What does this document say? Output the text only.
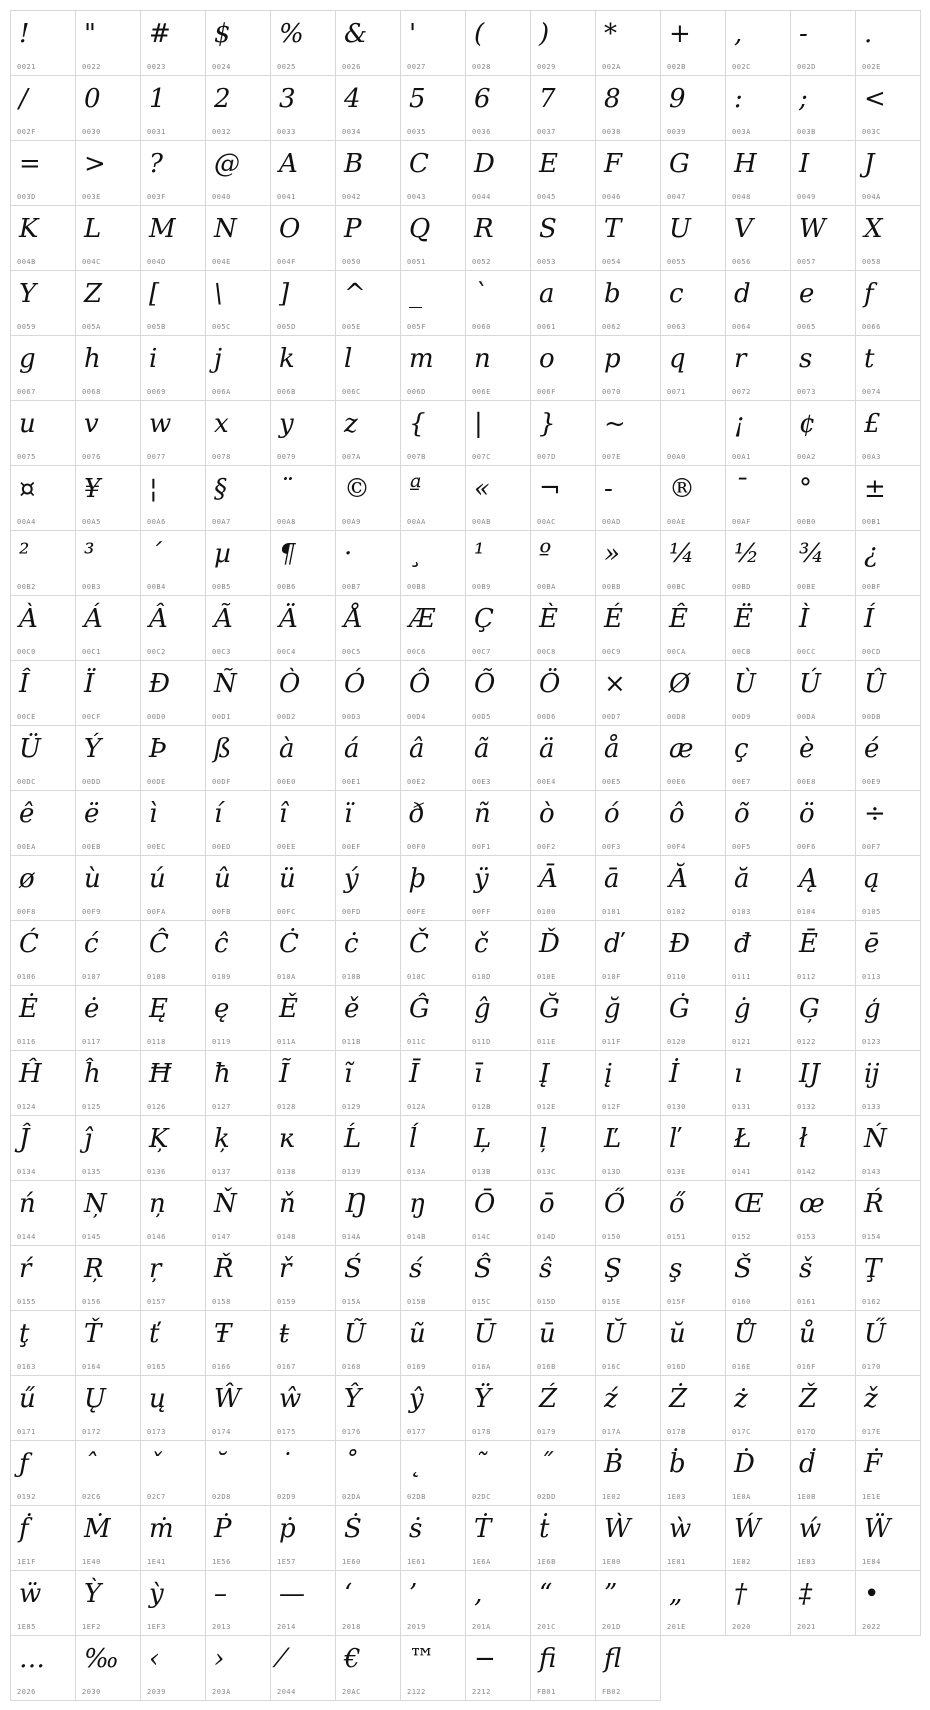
!
0021
"
0022
#
0023
$
0024
%
0025
&
0026
'
0027
(
0028
)
0029
*
002A
+
002B
,
002C
-
002D
.
002E
/
002F
0
0030
1
0031
2
0032
3
0033
4
0034
5
0035
6
0036
7
0037
8
0038
9
0039
:
003A
;
003B
<
003C
=
003D
>
003E
?
003F
@
0040
A
0041
B
0042
C
0043
D
0044
E
0045
F
0046
G
0047
H
0048
I
0049
J
004A
K
004B
L
004C
M
004D
N
004E
O
004F
P
0050
Q
0051
R
0052
S
0053
T
0054
U
0055
V
0056
W
0057
X
0058
Y
0059
Z
005A
[
005B
\
005C
]
005D
^
005E
_
005F
`
0060
a
0061
b
0062
c
0063
d
0064
e
0065
f
0066
g
0067
h
0068
i
0069
j
006A
k
006B
l
006C
m
006D
n
006E
o
006F
p
0070
q
0071
r
0072
s
0073
t
0074
u
0075
v
0076
w
0077
x
0078
y
0079
z
007A
{
007B
|
007C
}
007D
~
007E	00A0
¡
00A1
¢
00A2
£
00A3
¤
00A4
¥
00A5
¦
00A6
§
00A7
¨
00A8
©
00A9
ª
00AA
«
00AB
¬
00AC
-
00AD
®
00AE
¯
00AF
°
00B0
±
00B1
²
00B2
³
00B3
´
00B4
µ
00B5
¶
00B6
·
00B7
¸
00B8
¹
00B9
º
00BA
»
00BB
¼
00BC
½
00BD
¾
00BE
¿
00BF
À
00C0
Á
00C1
Â
00C2
Ã
00C3
Ä
00C4
Å
00C5
Æ
00C6
Ç
00C7
È
00C8
É
00C9
Ê
00CA
Ë
00CB
Ì
00CC
Í
00CD
Î
00CE
Ï
00CF
Ð
00D0
Ñ
00D1
Ò
00D2
Ó
00D3
Ô
00D4
Õ
00D5
Ö
00D6
×
00D7
Ø
00D8
Ù
00D9
Ú
00DA
Û
00DB
Ü
00DC
Ý
00DD
Þ
00DE
ß
00DF
à
00E0
á
00E1
â
00E2
ã
00E3
ä
00E4
å
00E5
æ
00E6
ç
00E7
è
00E8
é
00E9
ê
00EA
ë
00EB
ì
00EC
í
00ED
î
00EE
ï
00EF
ð
00F0
ñ
00F1
ò
00F2
ó
00F3
ô
00F4
õ
00F5
ö
00F6
÷
00F7
ø
00F8
ù
00F9
ú
00FA
û
00FB
ü
00FC
ý
00FD
þ
00FE
ÿ
00FF
Ā
0100
ā
0101
Ă
0102
ă
0103
Ą
0104
ą
0105
Ć
0106
ć
0107
Ĉ
0108
ĉ
0109
Ċ
010A
ċ
010B
Č
010C
č
010D
Ď
010E
ď
010F
Đ
0110
đ
0111
Ē
0112
ē
0113
Ė
0116
ė
0117
Ę
0118
ę
0119
Ě
011A
ě
011B
Ĝ
011C
ĝ
011D
Ğ
011E
ğ
011F
Ġ
0120
ġ
0121
Ģ
0122
ģ
0123
Ĥ
0124
ĥ
0125
Ħ
0126
ħ
0127
Ĩ
0128
ĩ
0129
Ī
012A
ī
012B
Į
012E
į
012F
İ
0130
ı
0131
Ĳ
0132
ĳ
0133
Ĵ
0134
ĵ
0135
Ķ
0136
ķ
0137
ĸ
0138
Ĺ
0139
ĺ
013A
Ļ
013B
ļ
013C
Ľ
013D
ľ
013E
Ł
0141
ł
0142
Ń
0143
ń
0144
Ņ
0145
ņ
0146
Ň
0147
ň
0148
Ŋ
014A
ŋ
014B
Ō
014C
ō
014D
Ő
0150
ő
0151
Œ
0152
œ
0153
Ŕ
0154
ŕ
0155
Ŗ
0156
ŗ
0157
Ř
0158
ř
0159
Ś
015A
ś
015B
Ŝ
015C
ŝ
015D
Ş
015E
ş
015F
Š
0160
š
0161
Ţ
0162
ţ
0163
Ť
0164
ť
0165
Ŧ
0166
ŧ
0167
Ũ
0168
ũ
0169
Ū
016A
ū
016B
Ŭ
016C
ŭ
016D
Ů
016E
ů
016F
Ű
0170
ű
0171
Ų
0172
ų
0173
Ŵ
0174
ŵ
0175
Ŷ
0176
ŷ
0177
Ÿ
0178
Ź
0179
ź
017A
Ż
017B
ż
017C
Ž
017D
ž
017E
ƒ
0192
ˆ
02C6
ˇ
02C7
˘
02D8
˙
02D9
˚
02DA
˛
02DB
˜
02DC
˝
02DD
Ḃ
1E02
ḃ
1E03
Ḋ
1E0A
ḋ
1E0B
Ḟ
1E1E
ḟ
1E1F
Ṁ
1E40
ṁ
1E41
Ṗ
1E56
ṗ
1E57
Ṡ
1E60
ṡ
1E61
Ṫ
1E6A
ṫ
1E6B
Ẁ
1E80
ẁ
1E81
Ẃ
1E82
ẃ
1E83
Ẅ
1E84
ẅ
1E85
Ỳ
1EF2
ỳ
1EF3
–
2013
—
2014
‘
2018
’
2019
‚
201A
“
201C
”
201D
„
201E
†
2020
‡
2021
•
2022
…
2026
‰
2030
‹
2039
›
203A
⁄
2044
€
20AC
™
2122
−
2212
ﬁ
FB01
ﬂ
FB02
